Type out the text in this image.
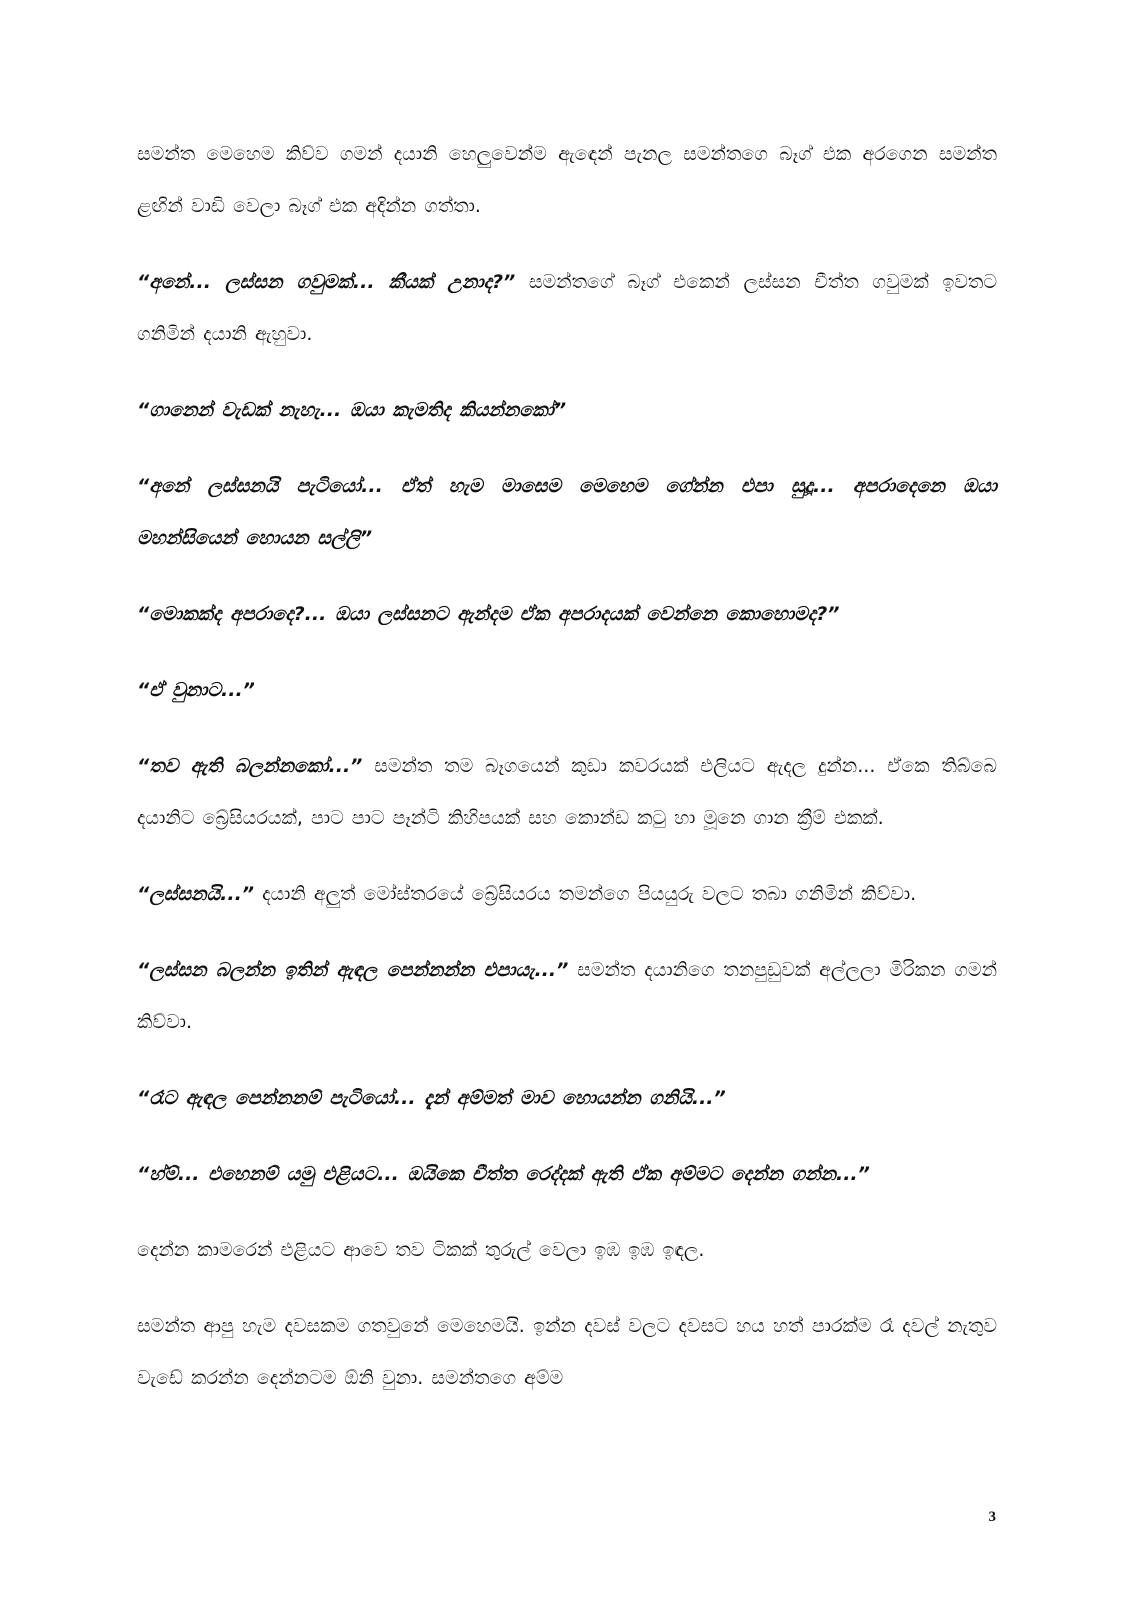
සමන්ත මෙහෙම කිව්ව ගමන් දයානි හෙලුවෙන්ම ඇඳෙන් පැනල සමන්තගෙ බෑග් එක අරගෙන සමන්ත ළඟින් වාඩි වෙලා බෑග් එක අදින්න ගත්තා.

“අනේ... ලස්සන ගවුමක්... කීයක් උනාද?” සමන්තගේ බෑග් එකෙන් ලස්සන චීත්ත ගවුමක් ඉවතට ගනිමින් දයානි ඇහුවා.

“ගානෙන් වැඩක් නැහැ... ඔයා කැමතිද කියන්නකෝ”

“අනේ ලස්සනයි පැටියෝ... ඒත් හැම මාසෙම මෙහෙම ගේන්න එපා සුදූ... අපරාදෙනෙ ඔයා මහන්සියෙන් හොයන සල්ලි”

“මොකක්ද අපරාදෙ?... ඔයා ලස්සනට ඇන්දම ඒක අපරාදයක් වෙන්නෙ කොහොමද?”

“ඒ වුනාට...”

“තව ඇති බලන්නකෝ...” සමන්ත තම බෑගයෙන් කුඩා කවරයක් එලියට ඇදල දුන්න... ඒකෙ තිබ්බෙ දයානිට බ්‍රේසියරයක්, පාට පාට පෑන්ටි කිහිපයක් සහ කොන්ඩ කටු හා මූනෙ ගාන ක්‍රීම් එකක්.

“ලස්සනයි...” දයානි අලුත් මෝස්තරයේ බ්‍රේසියරය තමන්ගෙ පියයුරු වලට තබා ගනිමින් කිව්වා.

“ලස්සන බලන්න ඉතින් ඇඳල පෙන්නන්න එපායැ...” සමන්ත දයානිගෙ තනපුඩුවක් අල්ලලා මිරිකන ගමන් කිව්වා.

“රෑට ඇඳල පෙන්නනම් පැටියෝ... දැන් අම්මත් මාව හොයන්න ගනියි...”

“හ්ම්... එහෙනම් යමු එළියට... ඔයිකෙ චීත්ත රෙද්දක් ඇති ඒක අම්මට දෙන්න ගන්න...”

දෙන්න කාමරෙන් එළියට ආවෙ තව ටිකක් තුරුල් වෙලා ඉඹ ඉඹ ඉඳල.

සමන්ත ආපු හැම දවසකම ගතවුනේ මෙහෙමයි. ඉන්න දවස් වලට දවසට හය හත් පාරක්ම රෑ දවල් නැතුව වැඩේ කරන්න දෙන්නටම ඕනි වුනා. සමන්තගෙ අම්ම

3
